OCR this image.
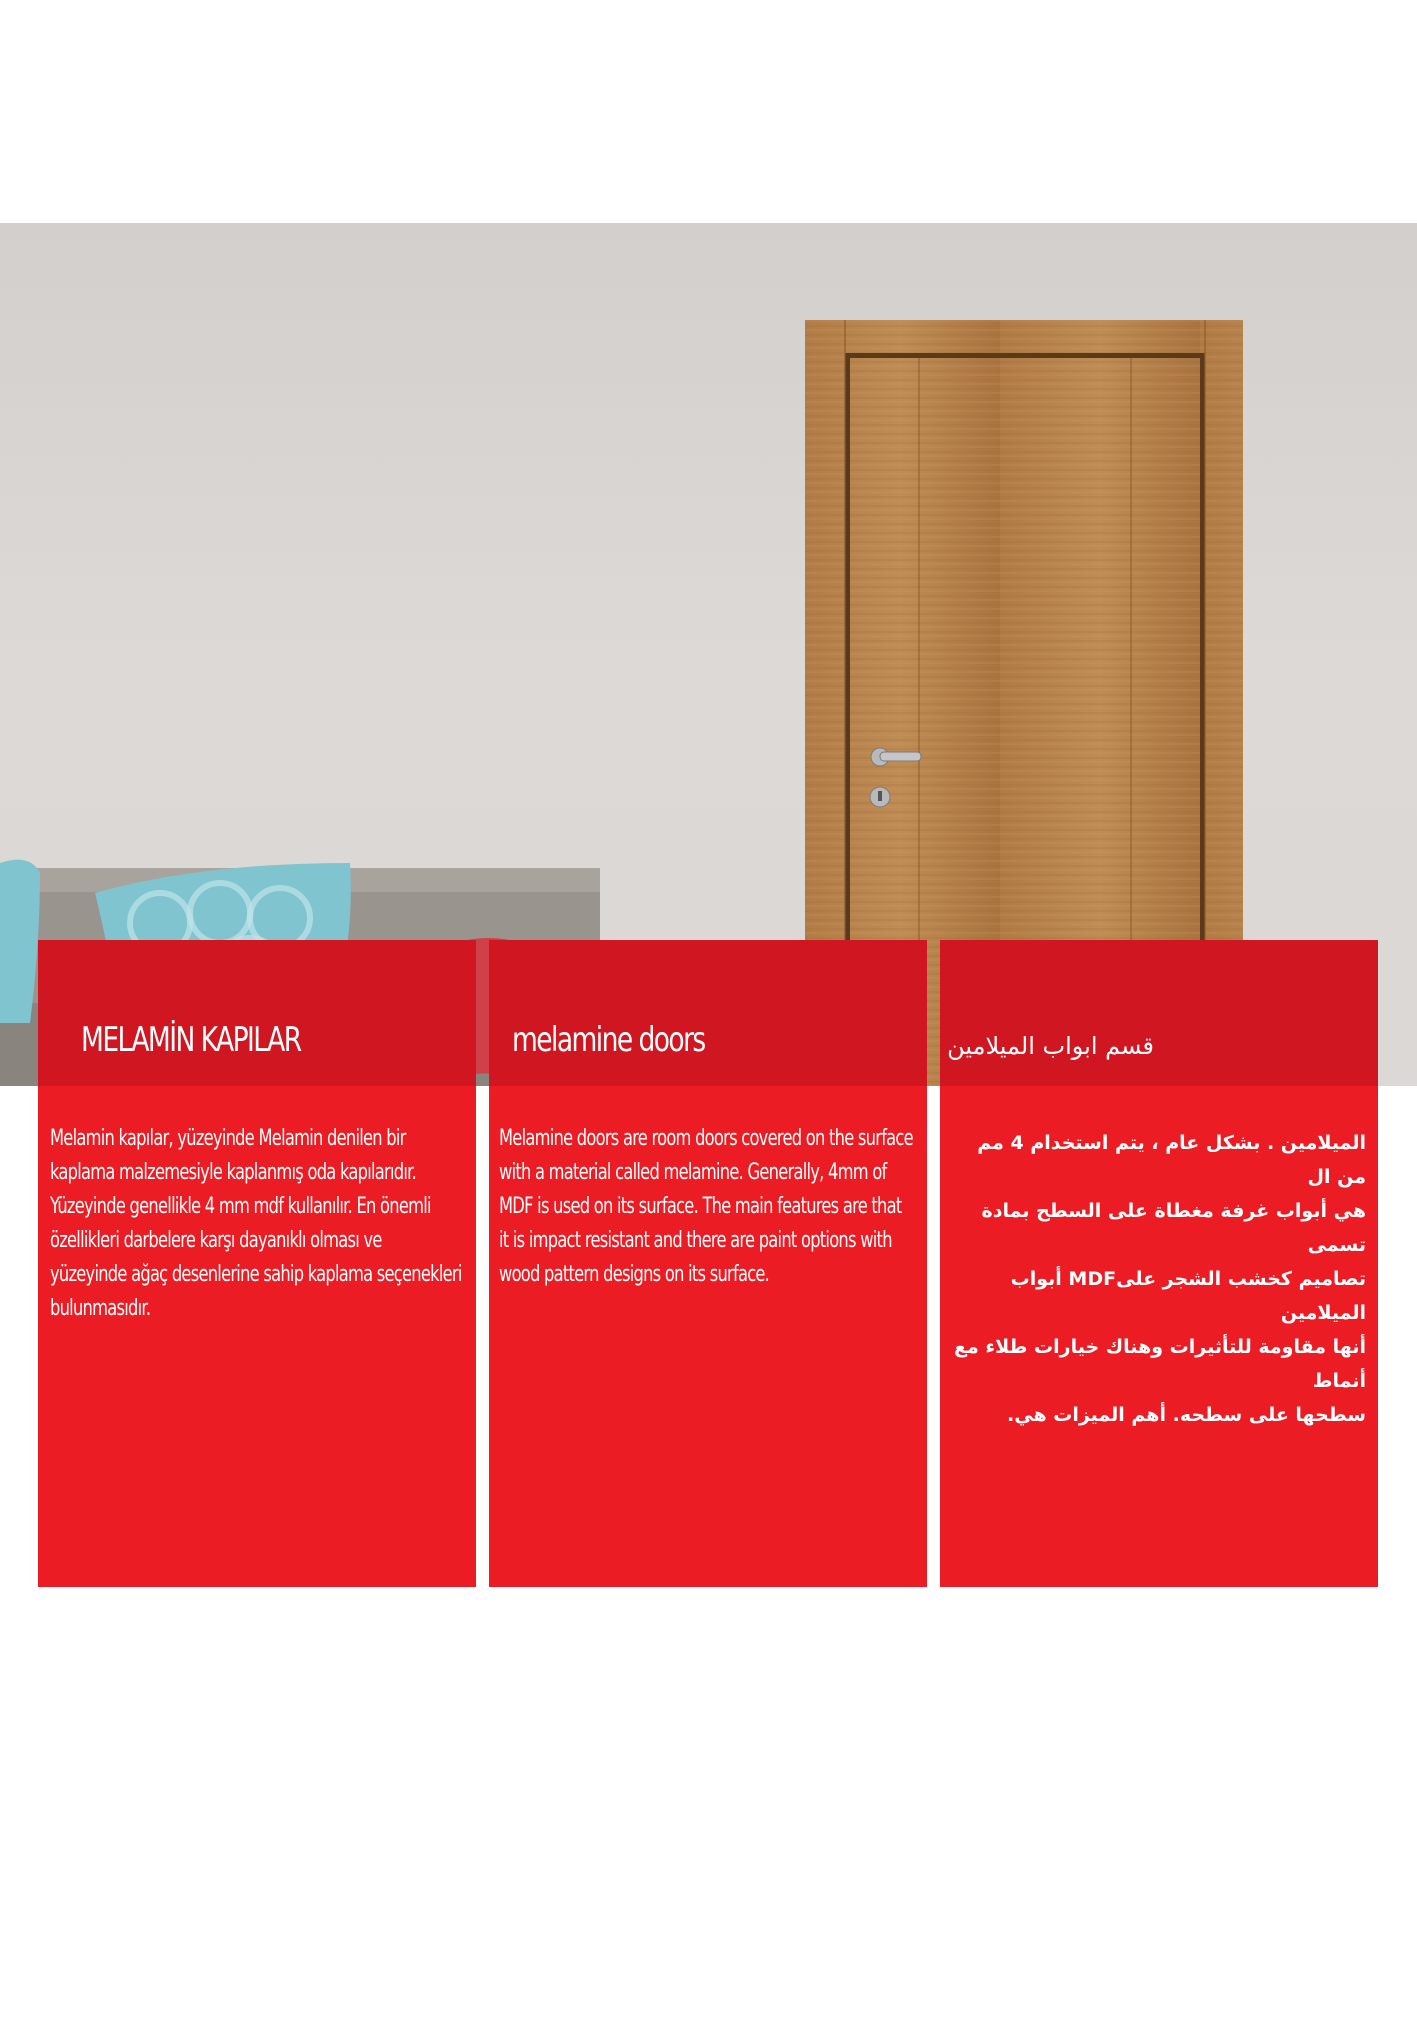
MELAMİN KAPILAR
Melamin kapılar, yüzeyinde Melamin denilen bir
kaplama malzemesiyle kaplanmış oda kapılarıdır.
Yüzeyinde genellikle 4 mm mdf kullanılır. En önemli
özellikleri darbelere karşı dayanıklı olması ve
yüzeyinde ağaç desenlerine sahip kaplama seçenekleri
bulunmasıdır.
melamine doors
Melamine doors are room doors covered on the surface
with a material called melamine. Generally, 4mm of
MDF is used on its surface. The main features are that
it is impact resistant and there are paint options with
wood pattern designs on its surface.
قسم ابواب الميلامين
الميلامين . بشكل عام ، يتم استخدام 4 مم من ال
هي أبواب غرفة مغطاة على السطح بمادة تسمى
تصاميم كخشب الشجر علىMDF أبواب الميلامين
أنها مقاومة للتأثيرات وهناك خيارات طلاء مع أنماط
سطحها على سطحه. أهم الميزات هي.
